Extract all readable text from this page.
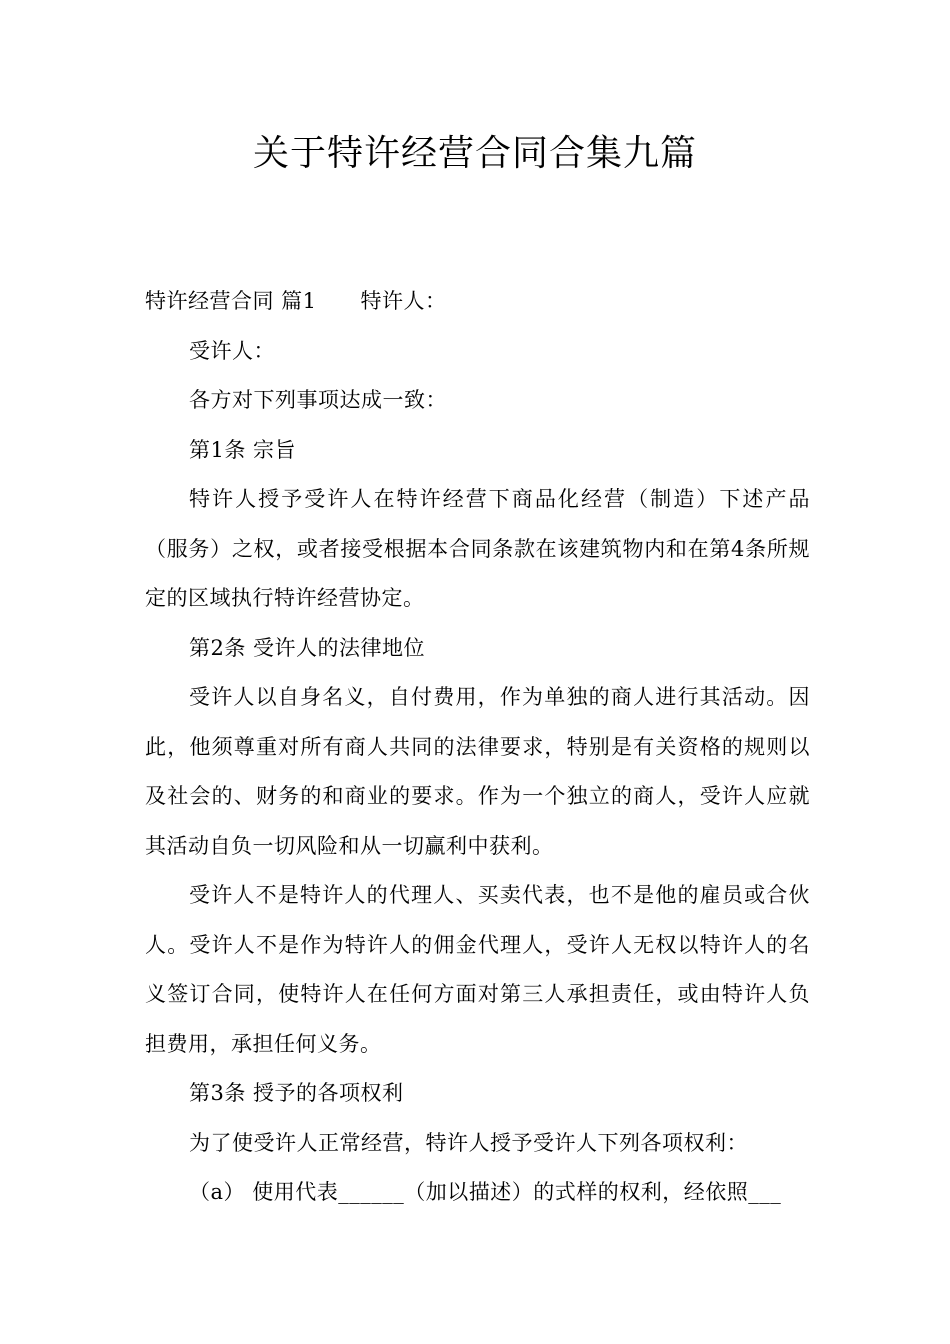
关于特许经营合同合集九篇

特许经营合同 篇1 特许人：

受许人：

各方对下列事项达成一致：

第1条 宗旨

特许人授予受许人在特许经营下商品化经营（制造）下述产品（服务）之权，或者接受根据本合同条款在该建筑物内和在第4条所规定的区域执行特许经营协定。

第2条 受许人的法律地位

受许人以自身名义，自付费用，作为单独的商人进行其活动。因此，他须尊重对所有商人共同的法律要求，特别是有关资格的规则以及社会的、财务的和商业的要求。作为一个独立的商人，受许人应就其活动自负一切风险和从一切赢利中获利。

受许人不是特许人的代理人、买卖代表，也不是他的雇员或合伙人。受许人不是作为特许人的佣金代理人，受许人无权以特许人的名义签订合同，使特许人在任何方面对第三人承担责任，或由特许人负担费用，承担任何义务。

第3条 授予的各项权利

为了使受许人正常经营，特许人授予受许人下列各项权利：

（a） 使用代表______（加以描述）的式样的权利，经依照___
